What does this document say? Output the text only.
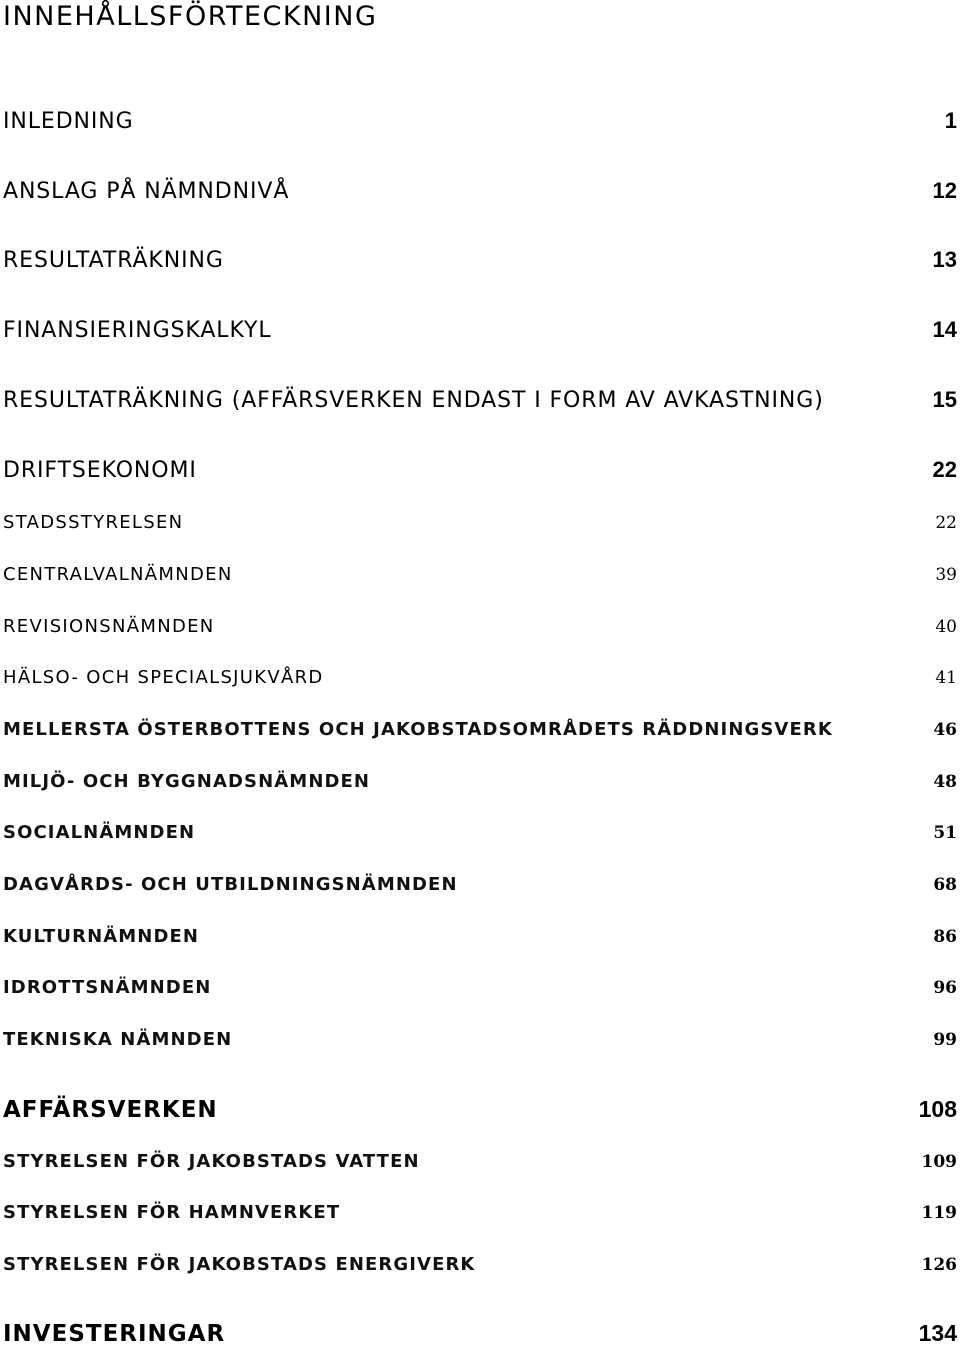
INNEHÅLLSFÖRTECKNING
INLEDNING	1
ANSLAG PÅ NÄMNDNIVÅ	12
RESULTATRÄKNING	13
FINANSIERINGSKALKYL	14
RESULTATRÄKNING (AFFÄRSVERKEN ENDAST I FORM AV AVKASTNING)	15
DRIFTSEKONOMI	22
STADSSTYRELSEN	22
CENTRALVALNÄMNDEN	39
REVISIONSNÄMNDEN	40
HÄLSO- OCH SPECIALSJUKVÅRD	41
MELLERSTA ÖSTERBOTTENS OCH JAKOBSTADSOMRÅDETS RÄDDNINGSVERK	46
MILJÖ- OCH BYGGNADSNÄMNDEN	48
SOCIALNÄMNDEN	51
DAGVÅRDS- OCH UTBILDNINGSNÄMNDEN	68
KULTURNÄMNDEN	86
IDROTTSNÄMNDEN	96
TEKNISKA NÄMNDEN	99
AFFÄRSVERKEN	108
STYRELSEN FÖR JAKOBSTADS VATTEN	109
STYRELSEN FÖR HAMNVERKET	119
STYRELSEN FÖR JAKOBSTADS ENERGIVERK	126
INVESTERINGAR	134
